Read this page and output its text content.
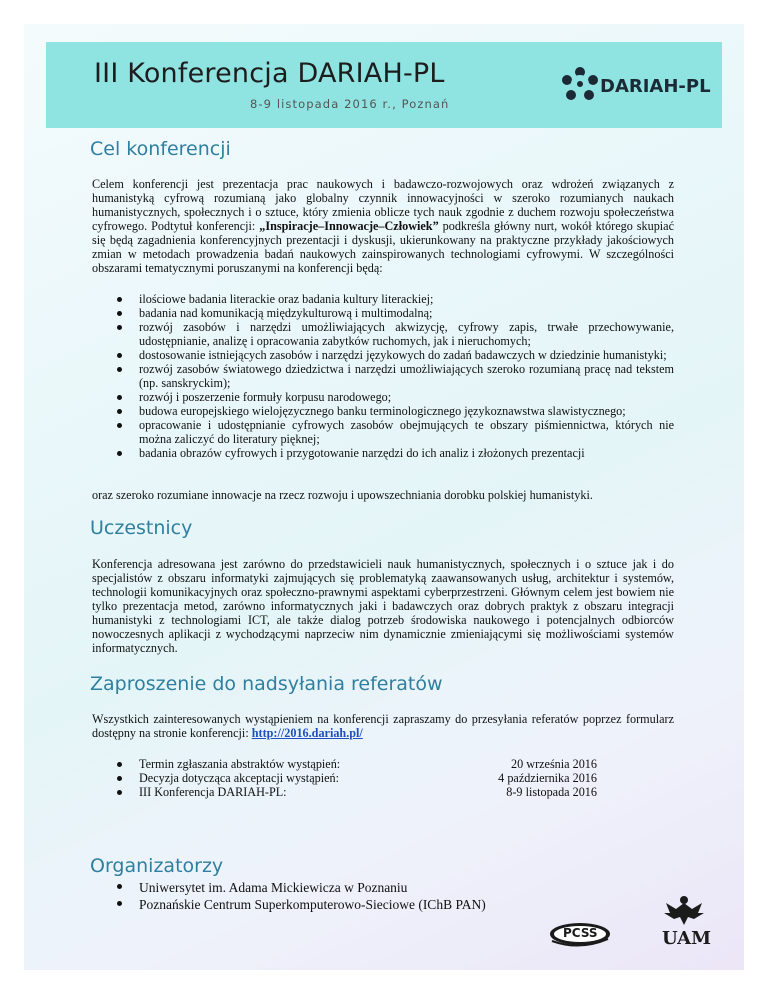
III Konferencja DARIAH-PL
8-9 listopada 2016 r., Poznań
DARIAH-PL
Cel konferencji

Celem konferencji jest prezentacja prac naukowych i badawczo-rozwojowych oraz wdrożeń związanych z humanistyką cyfrową rozumianą jako globalny czynnik innowacyjności w szeroko rozumianych naukach humanistycznych, społecznych i o sztuce, który zmienia oblicze tych nauk zgodnie z duchem rozwoju społeczeństwa cyfrowego. Podtytuł konferencji: „Inspiracje–Innowacje–Człowiek” podkreśla główny nurt, wokół którego skupiać się będą zagadnienia konferencyjnych prezentacji i dyskusji, ukierunkowany na praktyczne przykłady jakościowych zmian w metodach prowadzenia badań naukowych zainspirowanych technologiami cyfrowymi. W szczególności obszarami tematycznymi poruszanymi na konferencji będą:

ilościowe badania literackie oraz badania kultury literackiej;
badania nad komunikacją międzykulturową i multimodalną;
rozwój zasobów i narzędzi umożliwiających akwizycję, cyfrowy zapis, trwałe przechowywanie, udostępnianie, analizę i opracowania zabytków ruchomych, jak i nieruchomych;
dostosowanie istniejących zasobów i narzędzi językowych do zadań badawczych w dziedzinie humanistyki;
rozwój zasobów światowego dziedzictwa i narzędzi umożliwiających szeroko rozumianą pracę nad tekstem (np. sanskryckim);
rozwój i poszerzenie formuły korpusu narodowego;
budowa europejskiego wielojęzycznego banku terminologicznego językoznawstwa slawistycznego;
opracowanie i udostępnianie cyfrowych zasobów obejmujących te obszary piśmiennictwa, których nie można zaliczyć do literatury pięknej;
badania obrazów cyfrowych i przygotowanie narzędzi do ich analiz i złożonych prezentacji

oraz szeroko rozumiane innowacje na rzecz rozwoju i upowszechniania dorobku polskiej humanistyki.

Uczestnicy

Konferencja adresowana jest zarówno do przedstawicieli nauk humanistycznych, społecznych i o sztuce jak i do specjalistów z obszaru informatyki zajmujących się problematyką zaawansowanych usług, architektur i systemów, technologii komunikacyjnych oraz społeczno-prawnymi aspektami cyberprzestrzeni. Głównym celem jest bowiem nie tylko prezentacja metod, zarówno informatycznych jaki i badawczych oraz dobrych praktyk z obszaru integracji humanistyki z technologiami ICT, ale także dialog potrzeb środowiska naukowego i potencjalnych odbiorców nowoczesnych aplikacji z wychodzącymi naprzeciw nim dynamicznie zmieniającymi się możliwościami systemów informatycznych.

Zaproszenie do nadsyłania referatów

Wszystkich zainteresowanych wystąpieniem na konferencji zapraszamy do przesyłania referatów poprzez formularz dostępny na stronie konferencji: http://2016.dariah.pl/

Termin zgłaszania abstraktów wystąpień:	20 września 2016
Decyzja dotycząca akceptacji wystąpień:	4 października 2016
III Konferencja DARIAH-PL:	8-9 listopada 2016
Organizatorzy
Uniwersytet im. Adama Mickiewicza w Poznaniu
Poznańskie Centrum Superkomputerowo-Sieciowe (IChB PAN)
PCSS	UAM
